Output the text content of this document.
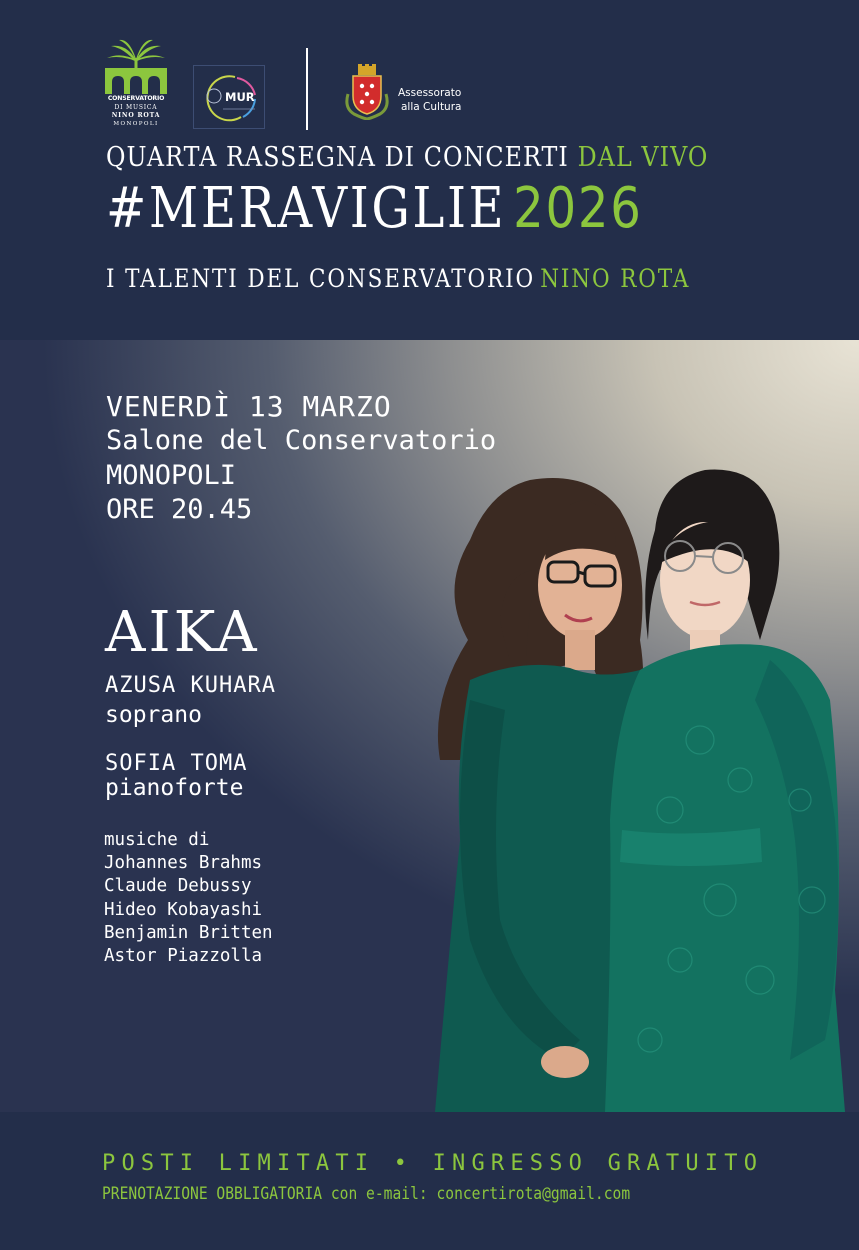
CONSERVATORIO
DI MUSICA
NINO ROTA
MONOPOLI
MUR	Assessorato
alla Cultura
QUARTA RASSEGNA DI CONCERTI DAL VIVO
#MERAVIGLIE 2026
I TALENTI DEL CONSERVATORIO NINO ROTA
VENERDÌ 13 MARZO
Salone del Conservatorio
MONOPOLI
ORE 20.45
AIKA
AZUSA KUHARA
soprano
SOFIA TOMA
pianoforte
musiche di
Johannes Brahms
Claude Debussy
Hideo Kobayashi
Benjamin Britten
Astor Piazzolla
POSTI LIMITATI • INGRESSO GRATUITO
PRENOTAZIONE OBBLIGATORIA con e-mail: concertirota@gmail.com
